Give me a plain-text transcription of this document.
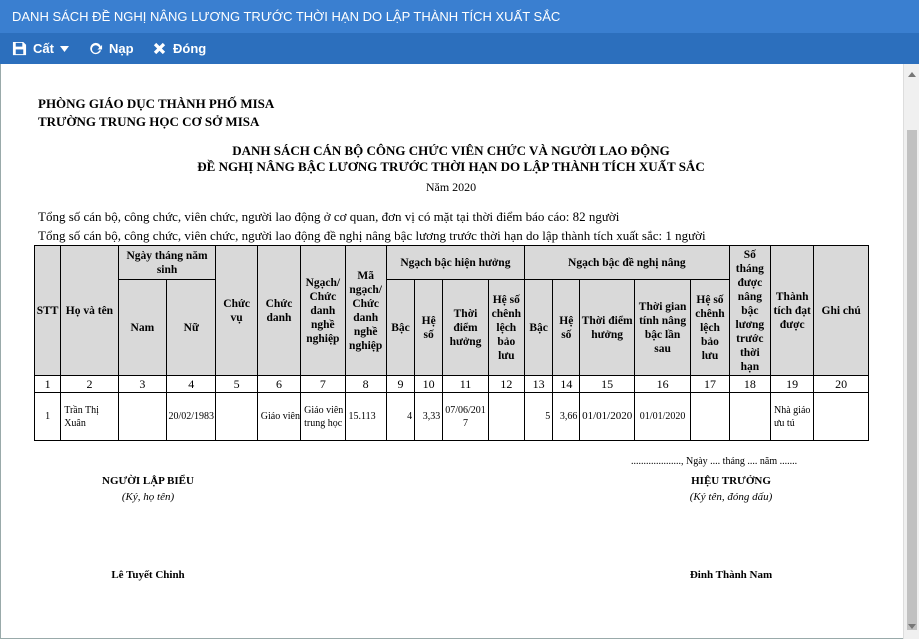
DANH SÁCH ĐỀ NGHỊ NÂNG LƯƠNG TRƯỚC THỜI HẠN DO LẬP THÀNH TÍCH XUẤT SẮC
Cất	Nạp	Đóng
PHÒNG GIÁO DỤC THÀNH PHỐ MISA
TRƯỜNG TRUNG HỌC CƠ SỞ MISA
DANH SÁCH CÁN BỘ CÔNG CHỨC VIÊN CHỨC VÀ NGƯỜI LAO ĐỘNG
ĐỀ NGHỊ NÂNG BẬC LƯƠNG TRƯỚC THỜI HẠN DO LẬP THÀNH TÍCH XUẤT SẮC
Năm 2020
Tổng số cán bộ, công chức, viên chức, người lao động ở cơ quan, đơn vị có mặt tại thời điểm báo cáo: 82 người
Tổng số cán bộ, công chức, viên chức, người lao động đề nghị nâng bậc lương trước thời hạn do lập thành tích xuất sắc: 1 người
STT	Họ và tên	Ngày tháng năm sinh		Chức vụ	Chức danh	Ngạch/ Chức danh nghề nghiệp	Mã ngạch/ Chức danh nghề nghiệp	Ngạch bậc hiện hưởng				Ngạch bậc đề nghị nâng					Số tháng được nâng bậc lương trước thời hạn	Thành tích đạt được	Ghi chú
		Nam	Nữ					Bậc	Hệ số	Thời điểm hưởng	Hệ số chênh lệch bảo lưu	Bậc	Hệ số	Thời điểm hưởng	Thời gian tính nâng bậc lần sau	Hệ số chênh lệch bảo lưu			
1	2	3	4	5	6	7	8	9	10	11	12	13	14	15	16	17	18	19	20
1	Trần Thị Xuân		20/02/1983		Giáo viên	Giáo viên trung học	15.113	4	3,33	07/06/2017		5	3,66	01/01/2020	01/01/2020			Nhà giáo ưu tú	
...................., Ngày .... tháng .... năm .......
NGƯỜI LẬP BIỂU
(Ký, họ tên)
Lê Tuyết Chinh
HIỆU TRƯỞNG
(Ký tên, đóng dấu)
Đinh Thành Nam
